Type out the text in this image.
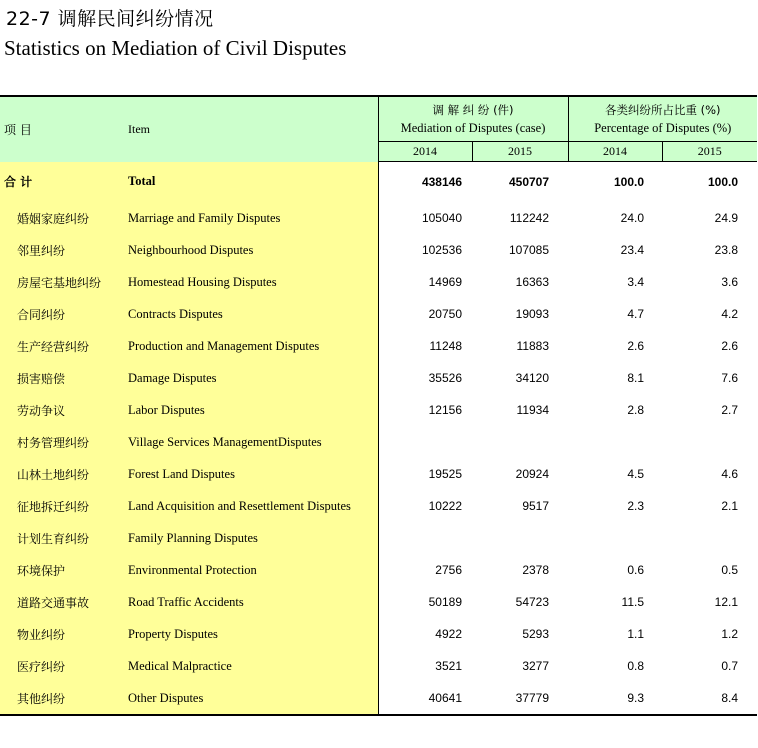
22-7 调解民间纠纷情况
Statistics on Mediation of Civil Disputes
项 目	Item	调 解 纠 纷 (件)
Mediation of Disputes (case)		各类纠纷所占比重 (%)
Percentage of Disputes (%)	

		2014	2015	2014	2015
合 计	Total	438146	450707	100.0	100.0
婚姻家庭纠纷	Marriage and Family Disputes	105040	112242	24.0	24.9
邻里纠纷	Neighbourhood Disputes	102536	107085	23.4	23.8
房屋宅基地纠纷	Homestead Housing Disputes	14969	16363	3.4	3.6
合同纠纷	Contracts Disputes	20750	19093	4.7	4.2
生产经营纠纷	Production and Management Disputes	11248	11883	2.6	2.6
损害赔偿	Damage Disputes	35526	34120	8.1	7.6
劳动争议	Labor Disputes	12156	11934	2.8	2.7
村务管理纠纷	Village Services ManagementDisputes				
山林土地纠纷	Forest Land Disputes	19525	20924	4.5	4.6
征地拆迁纠纷	Land Acquisition and Resettlement Disputes	10222	9517	2.3	2.1
计划生育纠纷	Family Planning Disputes				
环境保护	Environmental Protection	2756	2378	0.6	0.5
道路交通事故	Road Traffic Accidents	50189	54723	11.5	12.1
物业纠纷	Property Disputes	4922	5293	1.1	1.2
医疗纠纷	Medical Malpractice	3521	3277	0.8	0.7
其他纠纷	Other Disputes	40641	37779	9.3	8.4
